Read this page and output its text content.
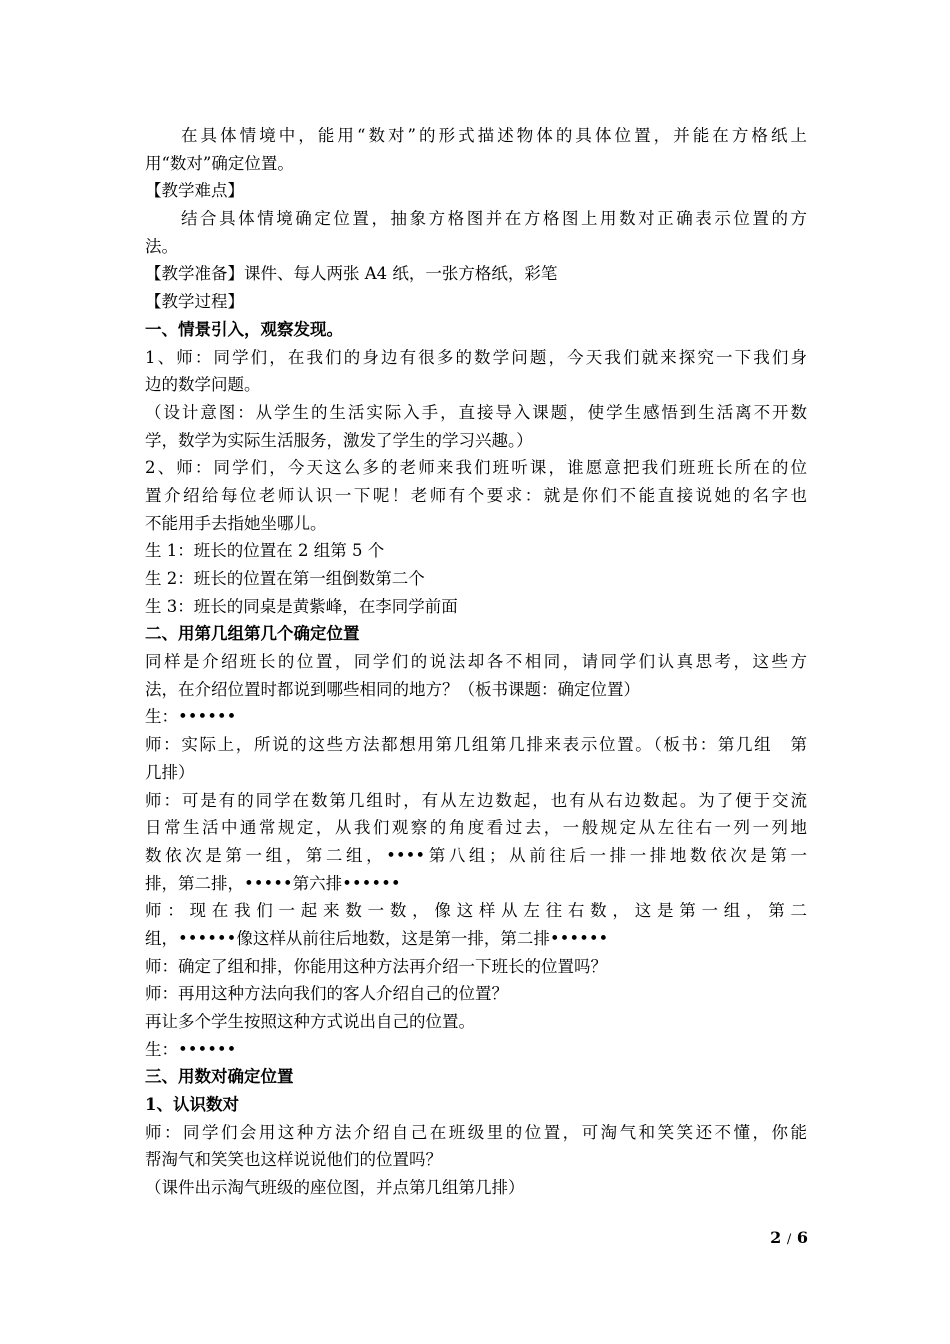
在具体情境中，能用“数对”的形式描述物体的具体位置，并能在方格纸上
用“数对”确定位置。
【教学难点】
结合具体情境确定位置，抽象方格图并在方格图上用数对正确表示位置的方
法。
【教学准备】课件、每人两张 A4 纸，一张方格纸，彩笔
【教学过程】
一、情景引入，观察发现。
1、师：同学们，在我们的身边有很多的数学问题，今天我们就来探究一下我们身
边的数学问题。
（设计意图：从学生的生活实际入手，直接导入课题，使学生感悟到生活离不开数
学，数学为实际生活服务，激发了学生的学习兴趣。）
2、师：同学们，今天这么多的老师来我们班听课，谁愿意把我们班班长所在的位
置介绍给每位老师认识一下呢！老师有个要求：就是你们不能直接说她的名字也
不能用手去指她坐哪儿。
生 1：班长的位置在 2 组第 5 个
生 2：班长的位置在第一组倒数第二个
生 3：班长的同桌是黄紫峰，在李同学前面
二、用第几组第几个确定位置
同样是介绍班长的位置，同学们的说法却各不相同，请同学们认真思考，这些方
法，在介绍位置时都说到哪些相同的地方？（板书课题：确定位置）
生：••••••
师：实际上，所说的这些方法都想用第几组第几排来表示位置。（板书：第几组　第
几排）
师：可是有的同学在数第几组时，有从左边数起，也有从右边数起。为了便于交流
日常生活中通常规定，从我们观察的角度看过去，一般规定从左往右一列一列地
数依次是第一组，第二组，••••第八组；从前往后一排一排地数依次是第一
排，第二排，•••••第六排••••••
师：现在我们一起来数一数，像这样从左往右数，这是第一组，第二
组，••••••像这样从前往后地数，这是第一排，第二排••••••
师：确定了组和排，你能用这种方法再介绍一下班长的位置吗？
师：再用这种方法向我们的客人介绍自己的位置？
再让多个学生按照这种方式说出自己的位置。
生：••••••
三、用数对确定位置
1、认识数对
师：同学们会用这种方法介绍自己在班级里的位置，可淘气和笑笑还不懂，你能
帮淘气和笑笑也这样说说他们的位置吗？
（课件出示淘气班级的座位图，并点第几组第几排）
2 / 6
